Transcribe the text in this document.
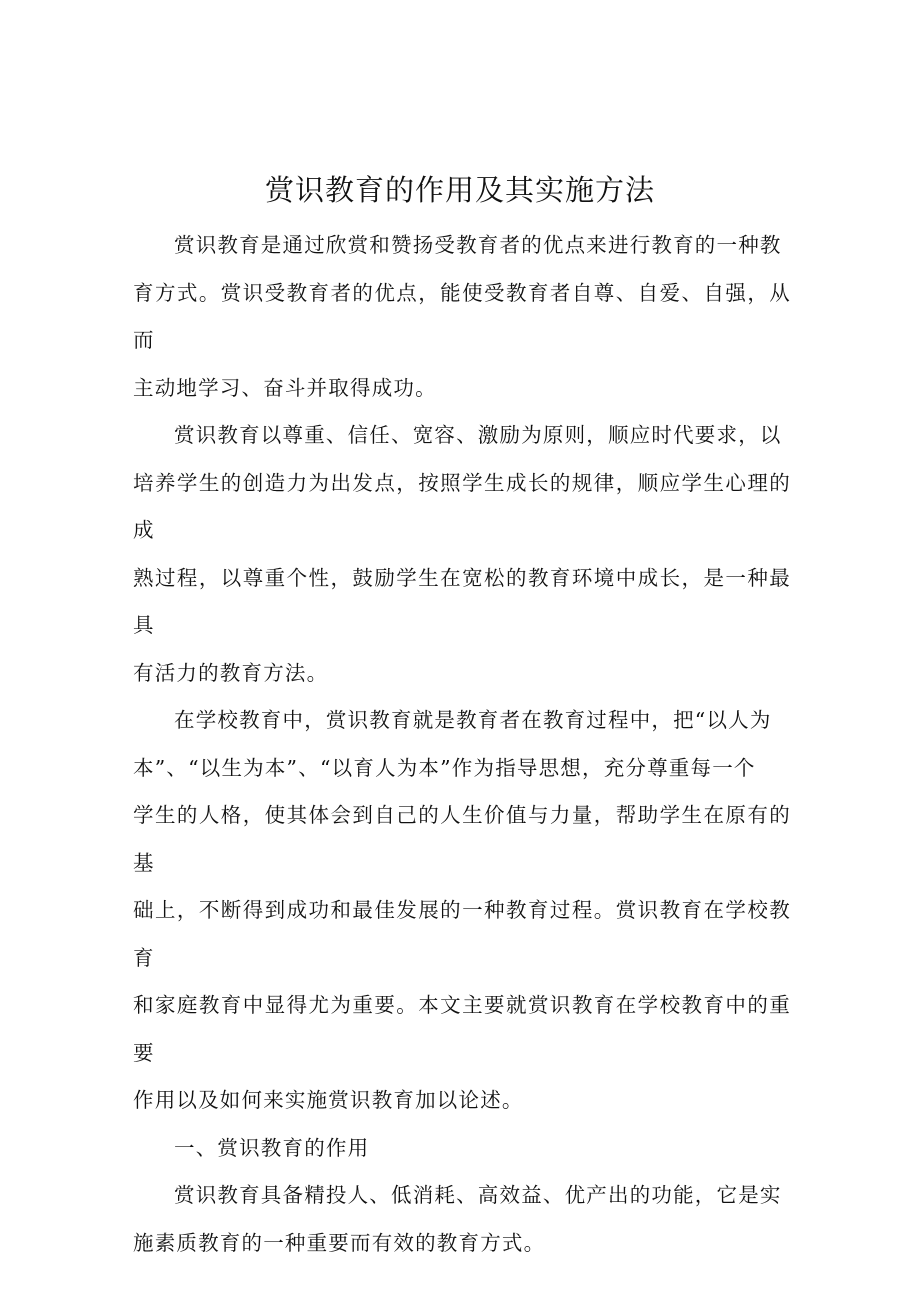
赏识教育的作用及其实施方法

赏识教育是通过欣赏和赞扬受教育者的优点来进行教育的一种教
育方式。赏识受教育者的优点，能使受教育者自尊、自爱、自强，从而
主动地学习、奋斗并取得成功。

赏识教育以尊重、信任、宽容、激励为原则，顺应时代要求，以
培养学生的创造力为出发点，按照学生成长的规律，顺应学生心理的成
熟过程，以尊重个性，鼓励学生在宽松的教育环境中成长，是一种最具
有活力的教育方法。

在学校教育中，赏识教育就是教育者在教育过程中，把“以人为
本”、“以生为本”、“以育人为本”作为指导思想，充分尊重每一个
学生的人格，使其体会到自己的人生价值与力量，帮助学生在原有的基
础上，不断得到成功和最佳发展的一种教育过程。赏识教育在学校教育
和家庭教育中显得尤为重要。本文主要就赏识教育在学校教育中的重要
作用以及如何来实施赏识教育加以论述。

一、赏识教育的作用

赏识教育具备精投人、低消耗、高效益、优产出的功能，它是实
施素质教育的一种重要而有效的教育方式。
